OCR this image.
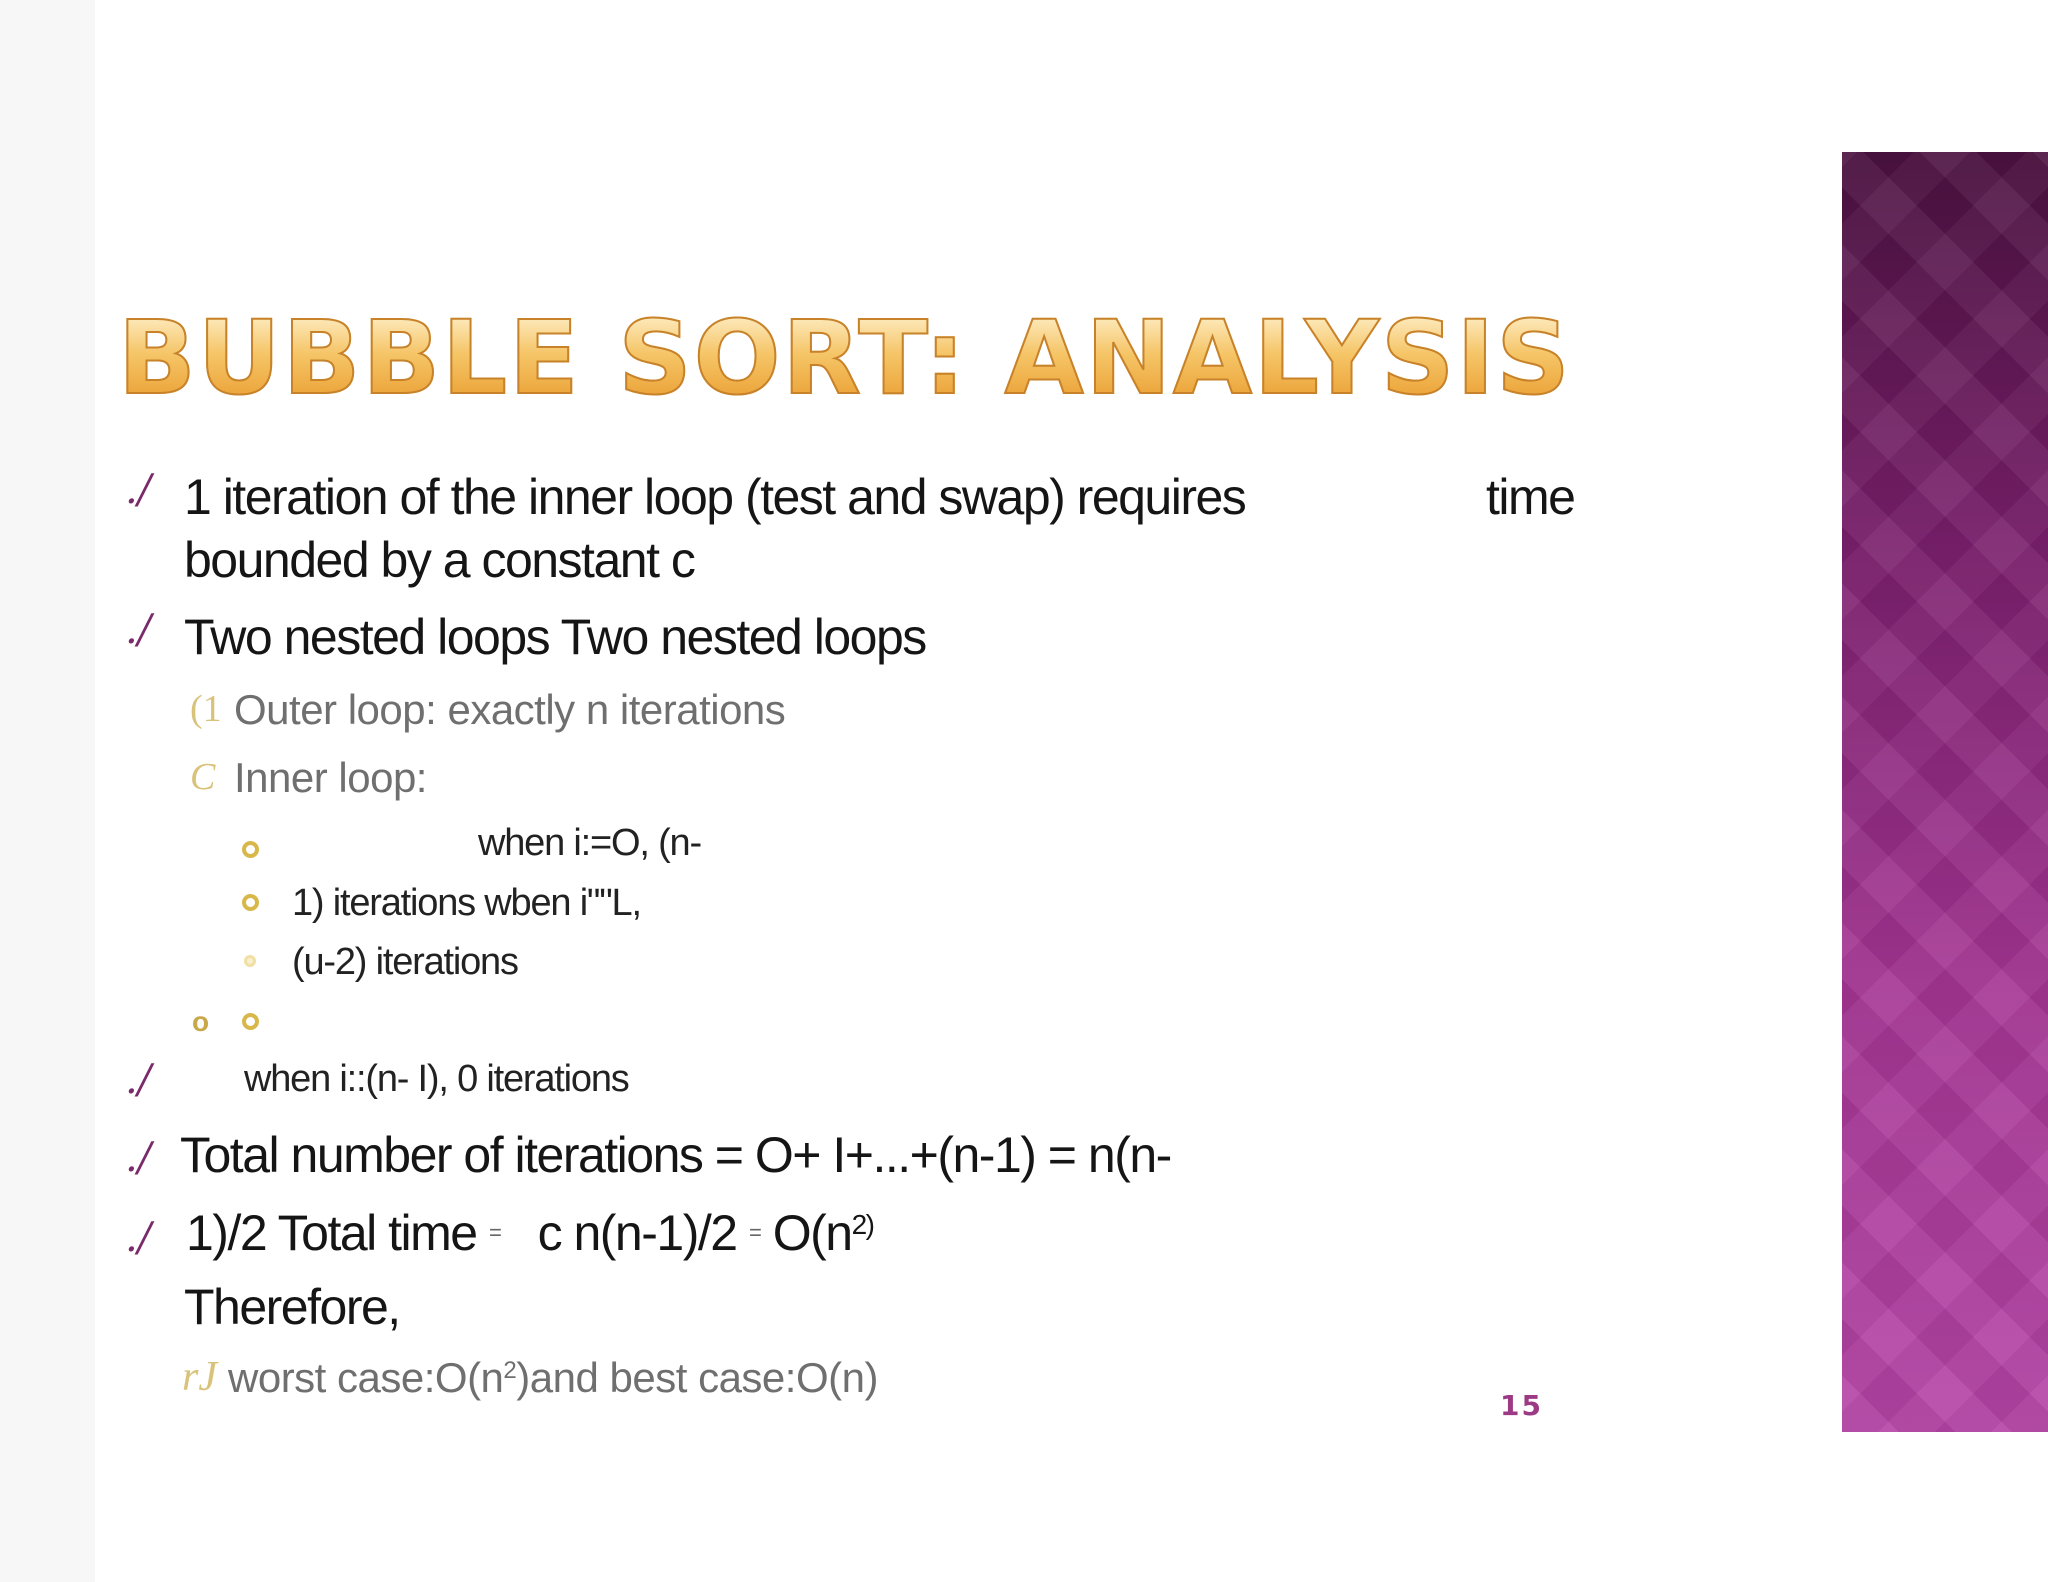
BUBBLE SORT: ANALYSIS
./ 1 iteration of the inner loop (test and swap) requires	time

bounded by a constant c

./ Two nested loops Two nested loops

(1 Outer loop: exactly n iterations

C Inner loop:

when i:=O, (n-

1) iterations wben i""L,

(u-2) iterations

o
./ when i::(n- I), 0 iterations

./ Total number of iterations = O+ I+...+(n-1) = n(n-

./ 1)/2 Total time = c n(n-1)/2 = $O(n^{2)}$

Therefore,

rJ worst $case:O(n^2)and$ best case:O(n)

15
